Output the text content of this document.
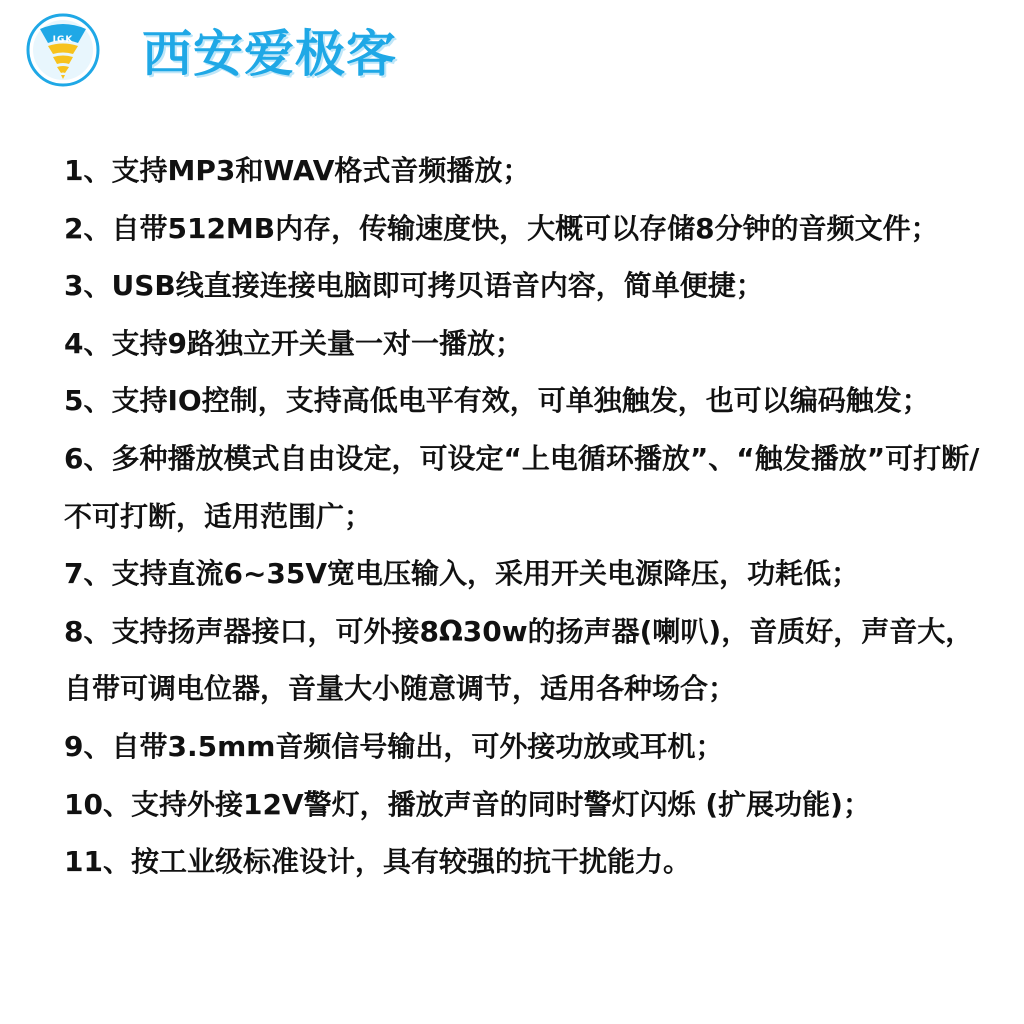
IGK	西安爱极客

1、支持MP3和WAV格式音频播放；

2、自带512MB内存，传输速度快，大概可以存储8分钟的音频文件；

3、USB线直接连接电脑即可拷贝语音内容，简单便捷；

4、支持9路独立开关量一对一播放；

5、支持IO控制，支持高低电平有效，可单独触发，也可以编码触发；

6、多种播放模式自由设定，可设定“上电循环播放”、“触发播放”可打断/不可打断，适用范围广；

7、支持直流6~35V宽电压输入，采用开关电源降压，功耗低；

8、支持扬声器接口，可外接8Ω30w的扬声器(喇叭)，音质好，声音大，自带可调电位器，音量大小随意调节，适用各种场合；

9、自带3.5mm音频信号输出，可外接功放或耳机；

10、支持外接12V警灯，播放声音的同时警灯闪烁 (扩展功能)；

11、按工业级标准设计，具有较强的抗干扰能力。
